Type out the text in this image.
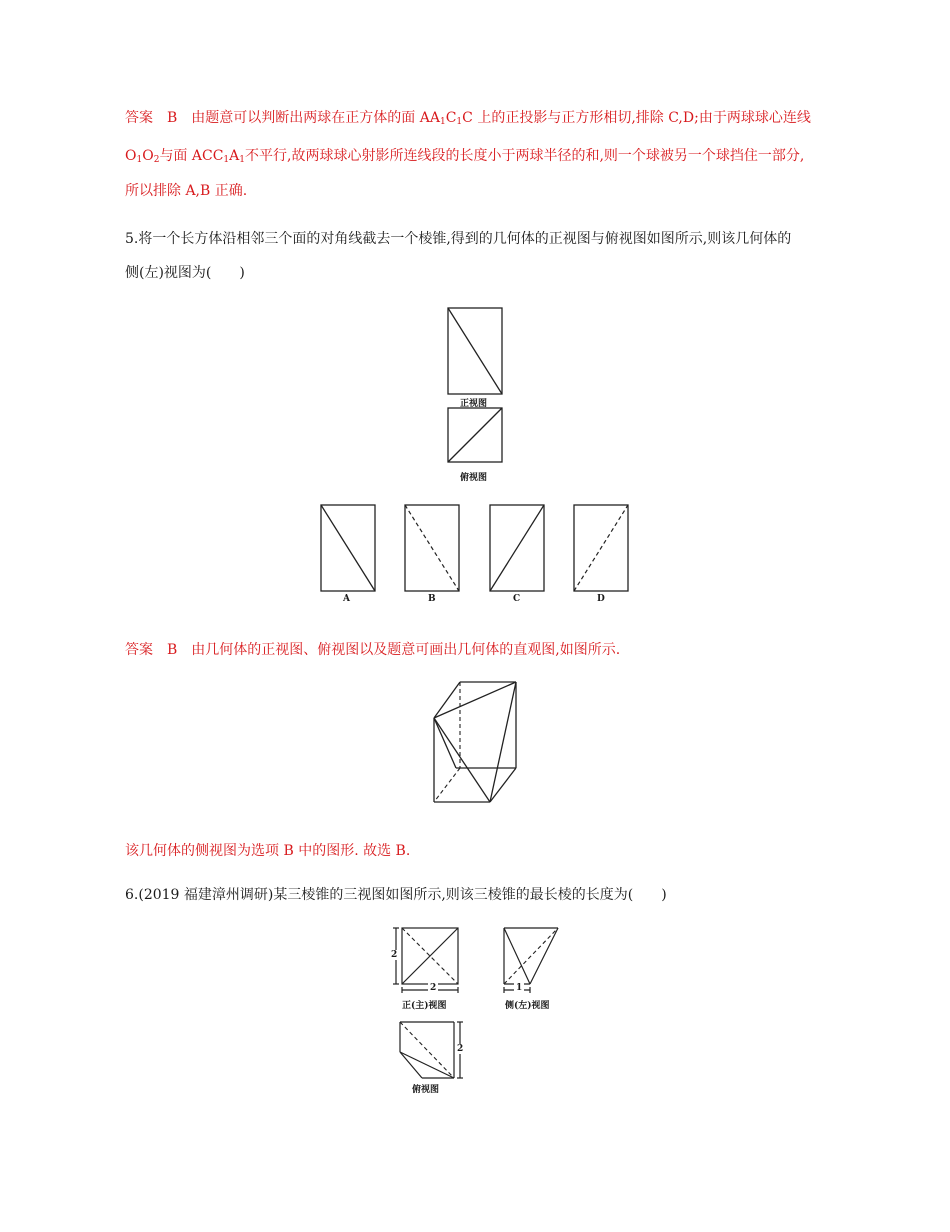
答案 B 由题意可以判断出两球在正方体的面 $AA_1C_1C$ 上的正投影与正方形相切,排除 C,D;由于两球球心连线
$O_1O_2$与面 $ACC_1A_1$不平行,故两球球心射影所连线段的长度小于两球半径的和,则一个球被另一个球挡住一部分,
所以排除 A,B 正确.
5.将一个长方体沿相邻三个面的对角线截去一个棱锥,得到的几何体的正视图与俯视图如图所示,则该几何体的
侧(左)视图为(　　)
正视图
俯视图
A	B	C	D
答案 B 由几何体的正视图、俯视图以及题意可画出几何体的直观图,如图所示.
该几何体的侧视图为选项 B 中的图形. 故选 B.
6.(2019 福建漳州调研)某三棱锥的三视图如图所示,则该三棱锥的最长棱的长度为(　　)
2
2
正(主)视图
1
侧(左)视图
2
俯视图
